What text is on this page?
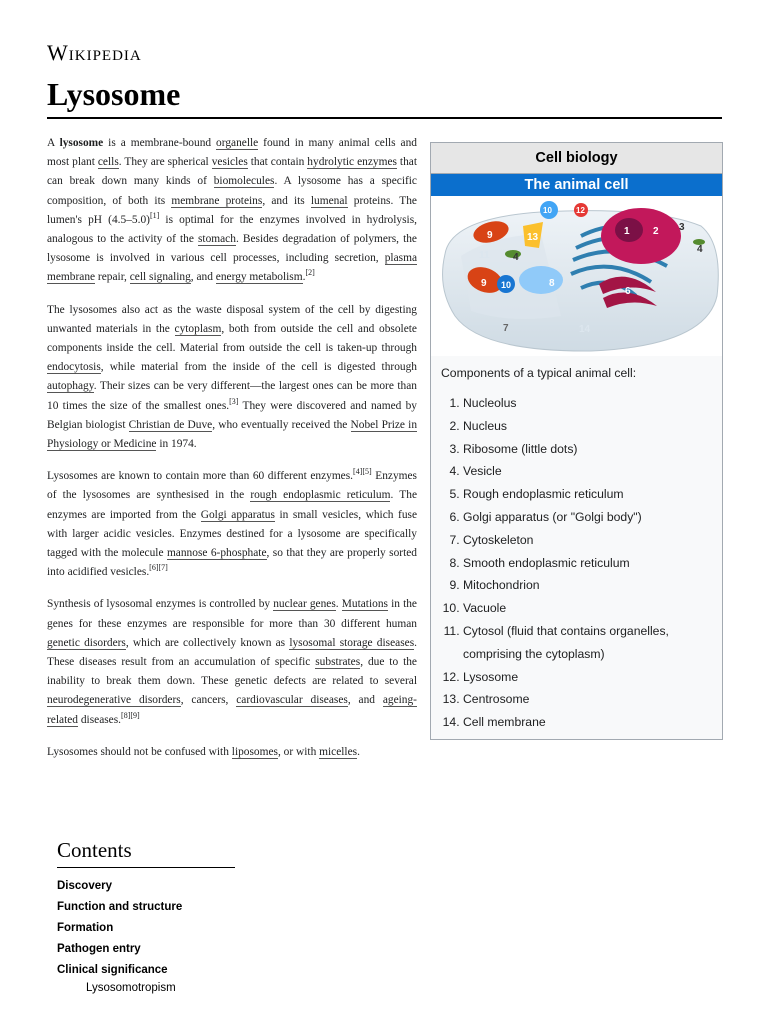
Wikipedia
Lysosome

A lysosome is a membrane-bound organelle found in many animal cells and most plant cells. They are spherical vesicles that contain hydrolytic enzymes that can break down many kinds of biomolecules. A lysosome has a specific composition, of both its membrane proteins, and its lumenal proteins. The lumen's pH (4.5–5.0)[1] is optimal for the enzymes involved in hydrolysis, analogous to the activity of the stomach. Besides degradation of polymers, the lysosome is involved in various cell processes, including secretion, plasma membrane repair, cell signaling, and energy metabolism.[2]

The lysosomes also act as the waste disposal system of the cell by digesting unwanted materials in the cytoplasm, both from outside the cell and obsolete components inside the cell. Material from outside the cell is taken-up through endocytosis, while material from the inside of the cell is digested through autophagy. Their sizes can be very different—the largest ones can be more than 10 times the size of the smallest ones.[3] They were discovered and named by Belgian biologist Christian de Duve, who eventually received the Nobel Prize in Physiology or Medicine in 1974.

Lysosomes are known to contain more than 60 different enzymes.[4][5] Enzymes of the lysosomes are synthesised in the rough endoplasmic reticulum. The enzymes are imported from the Golgi apparatus in small vesicles, which fuse with larger acidic vesicles. Enzymes destined for a lysosome are specifically tagged with the molecule mannose 6-phosphate, so that they are properly sorted into acidified vesicles.[6][7]

Synthesis of lysosomal enzymes is controlled by nuclear genes. Mutations in the genes for these enzymes are responsible for more than 30 different human genetic disorders, which are collectively known as lysosomal storage diseases. These diseases result from an accumulation of specific substrates, due to the inability to break them down. These genetic defects are related to several neurodegenerative disorders, cancers, cardiovascular diseases, and ageing-related diseases.[8][9]

Lysosomes should not be confused with liposomes, or with micelles.

Cell biology
The animal cell
1 2 3
4
4
6
7
8
9
9 10
10
11
12
13
14
Components of a typical animal cell:
1. Nucleolus
2. Nucleus
3. Ribosome (little dots)
4. Vesicle
5. Rough endoplasmic reticulum
6. Golgi apparatus (or "Golgi body")
7. Cytoskeleton
8. Smooth endoplasmic reticulum
9. Mitochondrion
10. Vacuole
11. Cytosol (fluid that contains organelles, comprising the cytoplasm)
12. Lysosome
13. Centrosome
14. Cell membrane
Contents
Discovery
Function and structure
Formation
Pathogen entry
Clinical significance
Lysosomotropism
